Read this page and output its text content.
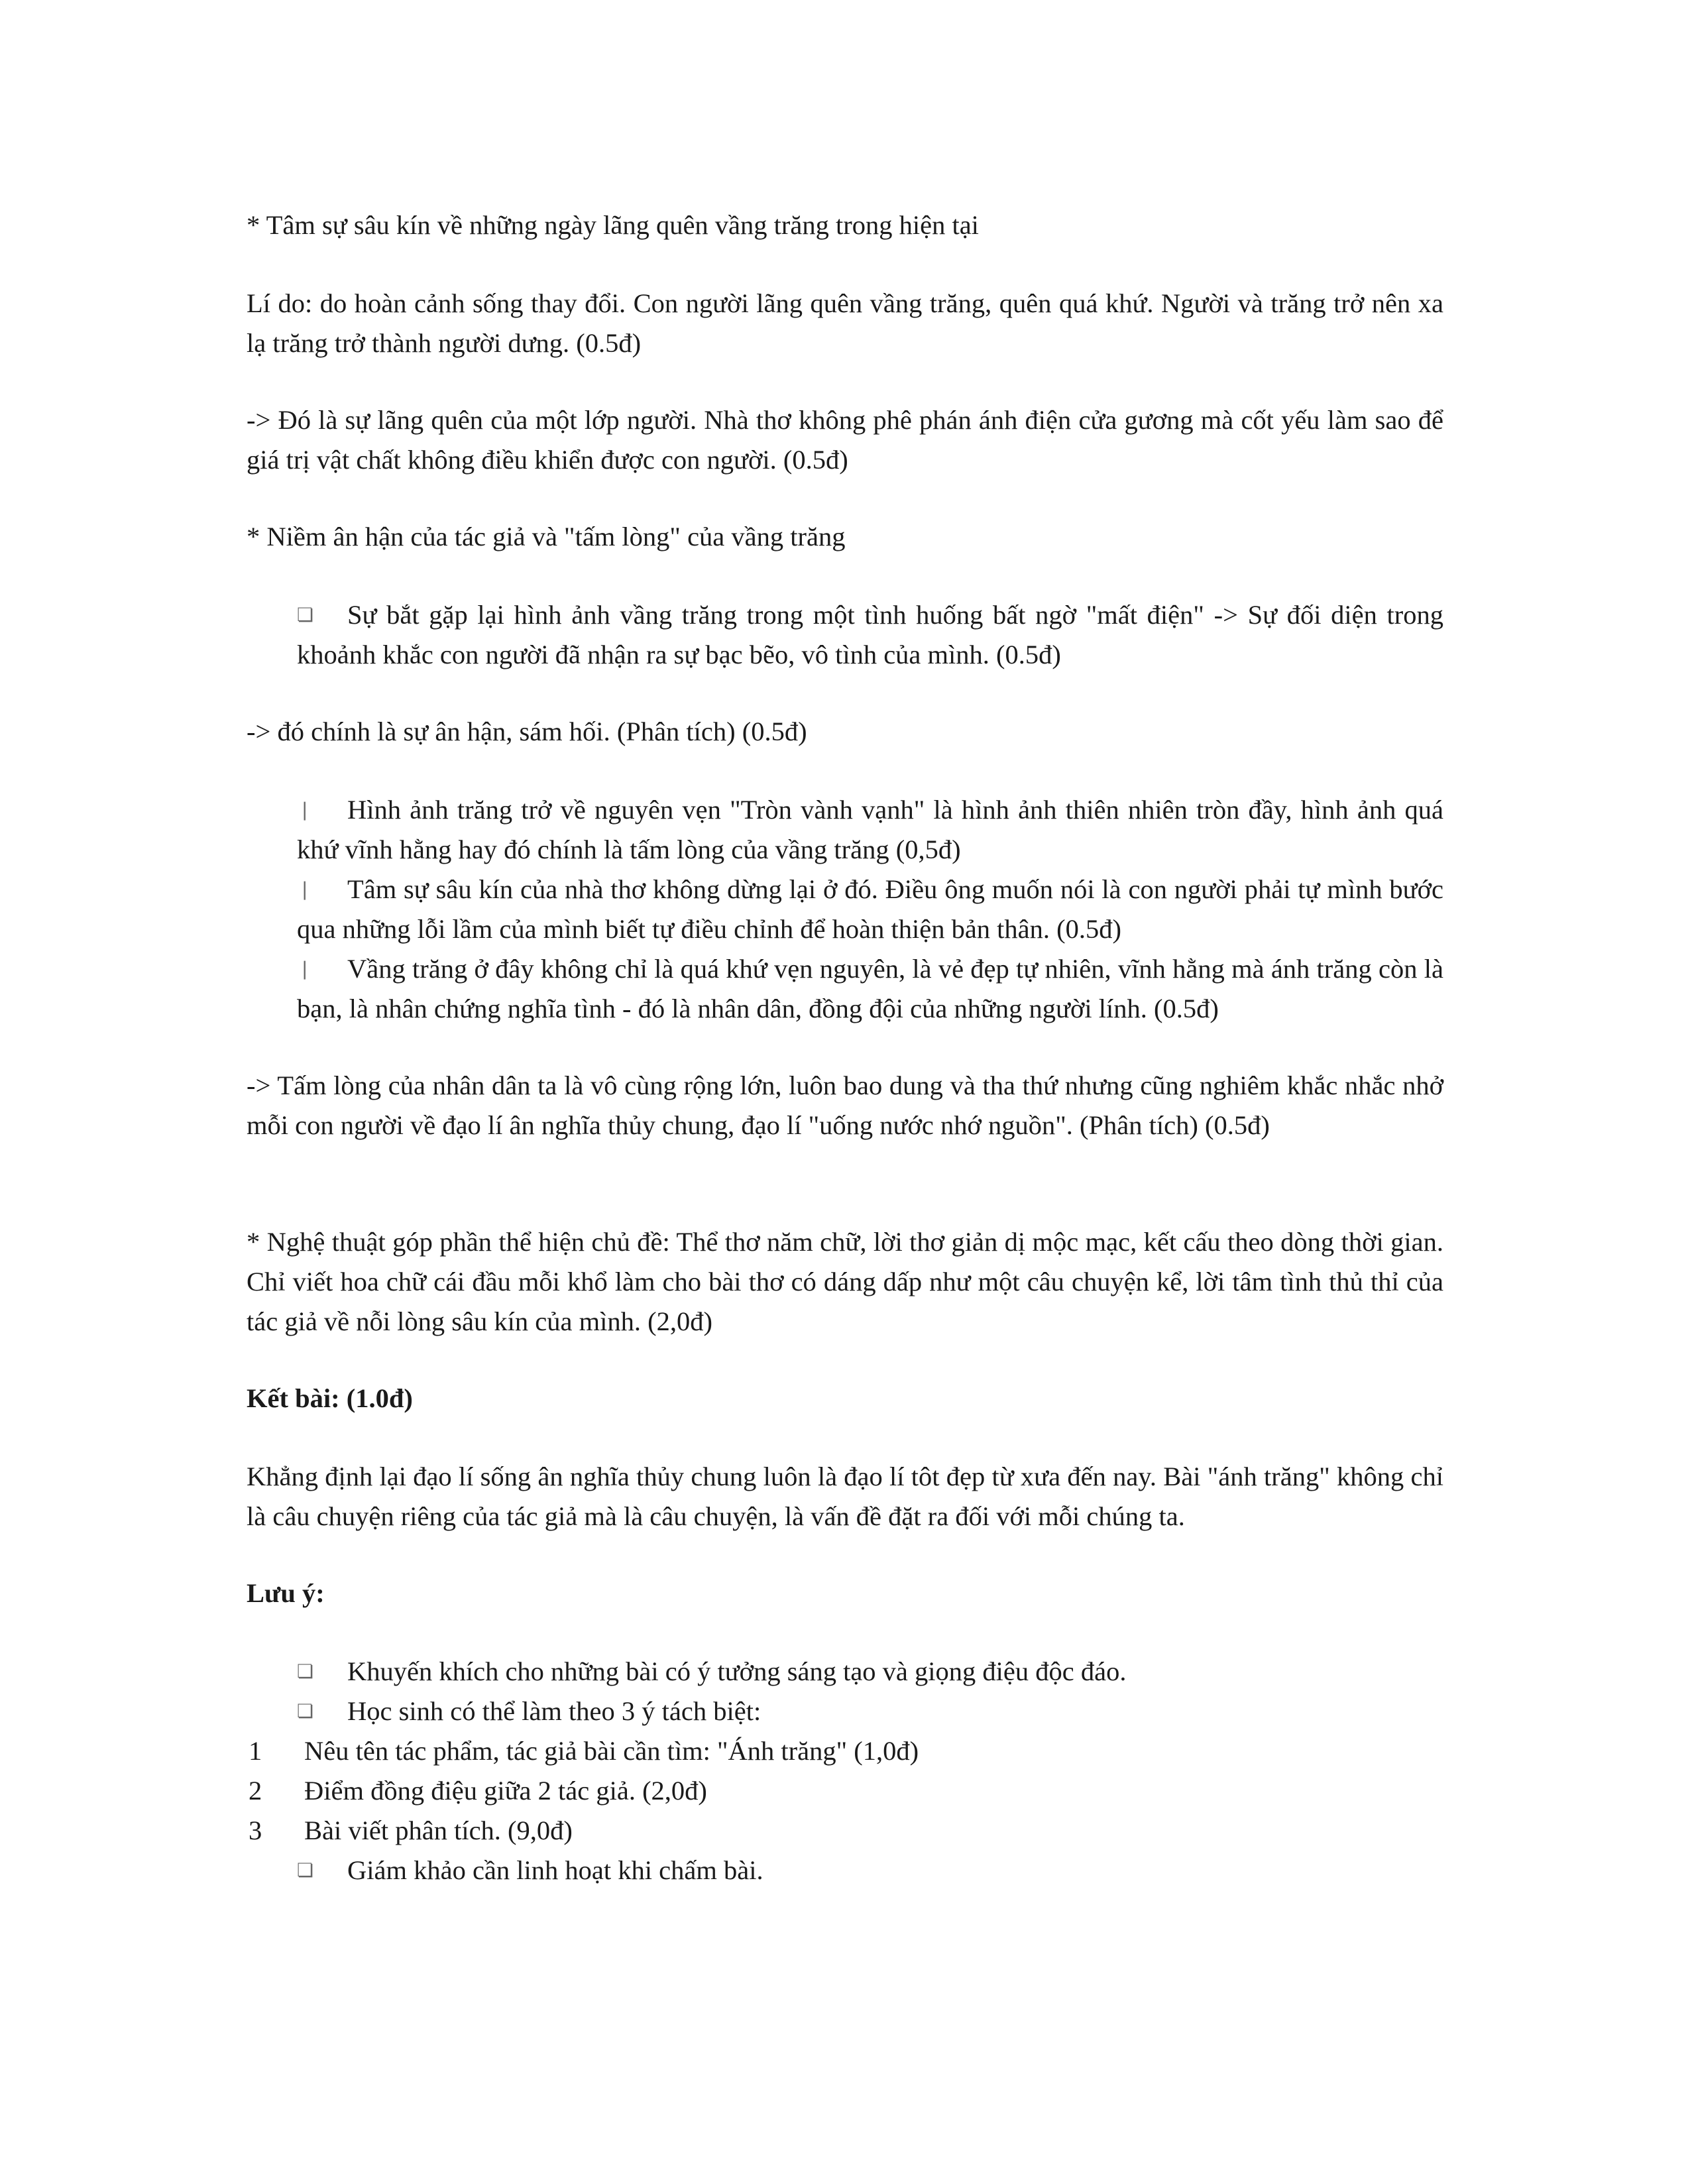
* Tâm sự sâu kín về những ngày lãng quên vầng trăng trong hiện tại

Lí do: do hoàn cảnh sống thay đổi. Con người lãng quên vầng trăng, quên quá khứ. Người và trăng trở nên xa lạ trăng trở thành người dưng. (0.5đ)

-> Đó là sự lãng quên của một lớp người. Nhà thơ không phê phán ánh điện cửa gương mà cốt yếu làm sao để giá trị vật chất không điều khiển được con người. (0.5đ)

* Niềm ân hận của tác giả và "tấm lòng" của vầng trăng

❏	Sự bắt gặp lại hình ảnh vầng trăng trong một tình huống bất ngờ "mất điện" -> Sự đối diện trong khoảnh khắc con người đã nhận ra sự bạc bẽo, vô tình của mình. (0.5đ)

-> đó chính là sự ân hận, sám hối. (Phân tích) (0.5đ)

❘	Hình ảnh trăng trở về nguyên vẹn "Tròn vành vạnh" là hình ảnh thiên nhiên tròn đầy, hình ảnh quá khứ vĩnh hằng hay đó chính là tấm lòng của vầng trăng (0,5đ)

❘	Tâm sự sâu kín của nhà thơ không dừng lại ở đó. Điều ông muốn nói là con người phải tự mình bước qua những lỗi lầm của mình biết tự điều chỉnh để hoàn thiện bản thân. (0.5đ)

❘	Vầng trăng ở đây không chỉ là quá khứ vẹn nguyên, là vẻ đẹp tự nhiên, vĩnh hằng mà ánh trăng còn là bạn, là nhân chứng nghĩa tình - đó là nhân dân, đồng đội của những người lính. (0.5đ)

-> Tấm lòng của nhân dân ta là vô cùng rộng lớn, luôn bao dung và tha thứ nhưng cũng nghiêm khắc nhắc nhở mỗi con người về đạo lí ân nghĩa thủy chung, đạo lí "uống nước nhớ nguồn". (Phân tích) (0.5đ)

* Nghệ thuật góp phần thể hiện chủ đề: Thể thơ năm chữ, lời thơ giản dị mộc mạc, kết cấu theo dòng thời gian. Chỉ viết hoa chữ cái đầu mỗi khổ làm cho bài thơ có dáng dấp như một câu chuyện kể, lời tâm tình thủ thỉ của tác giả về nỗi lòng sâu kín của mình. (2,0đ)

Kết bài: (1.0đ)

Khẳng định lại đạo lí sống ân nghĩa thủy chung luôn là đạo lí tôt đẹp từ xưa đến nay. Bài "ánh trăng" không chỉ là câu chuyện riêng của tác giả mà là câu chuyện, là vấn đề đặt ra đối với mỗi chúng ta.

Lưu ý:

❏	Khuyến khích cho những bài có ý tưởng sáng tạo và giọng điệu độc đáo.

❏	Học sinh có thể làm theo 3 ý tách biệt:

1	Nêu tên tác phẩm, tác giả bài cần tìm: "Ánh trăng" (1,0đ)
2	Điểm đồng điệu giữa 2 tác giả. (2,0đ)
3	Bài viết phân tích. (9,0đ)
❏	Giám khảo cần linh hoạt khi chấm bài.
